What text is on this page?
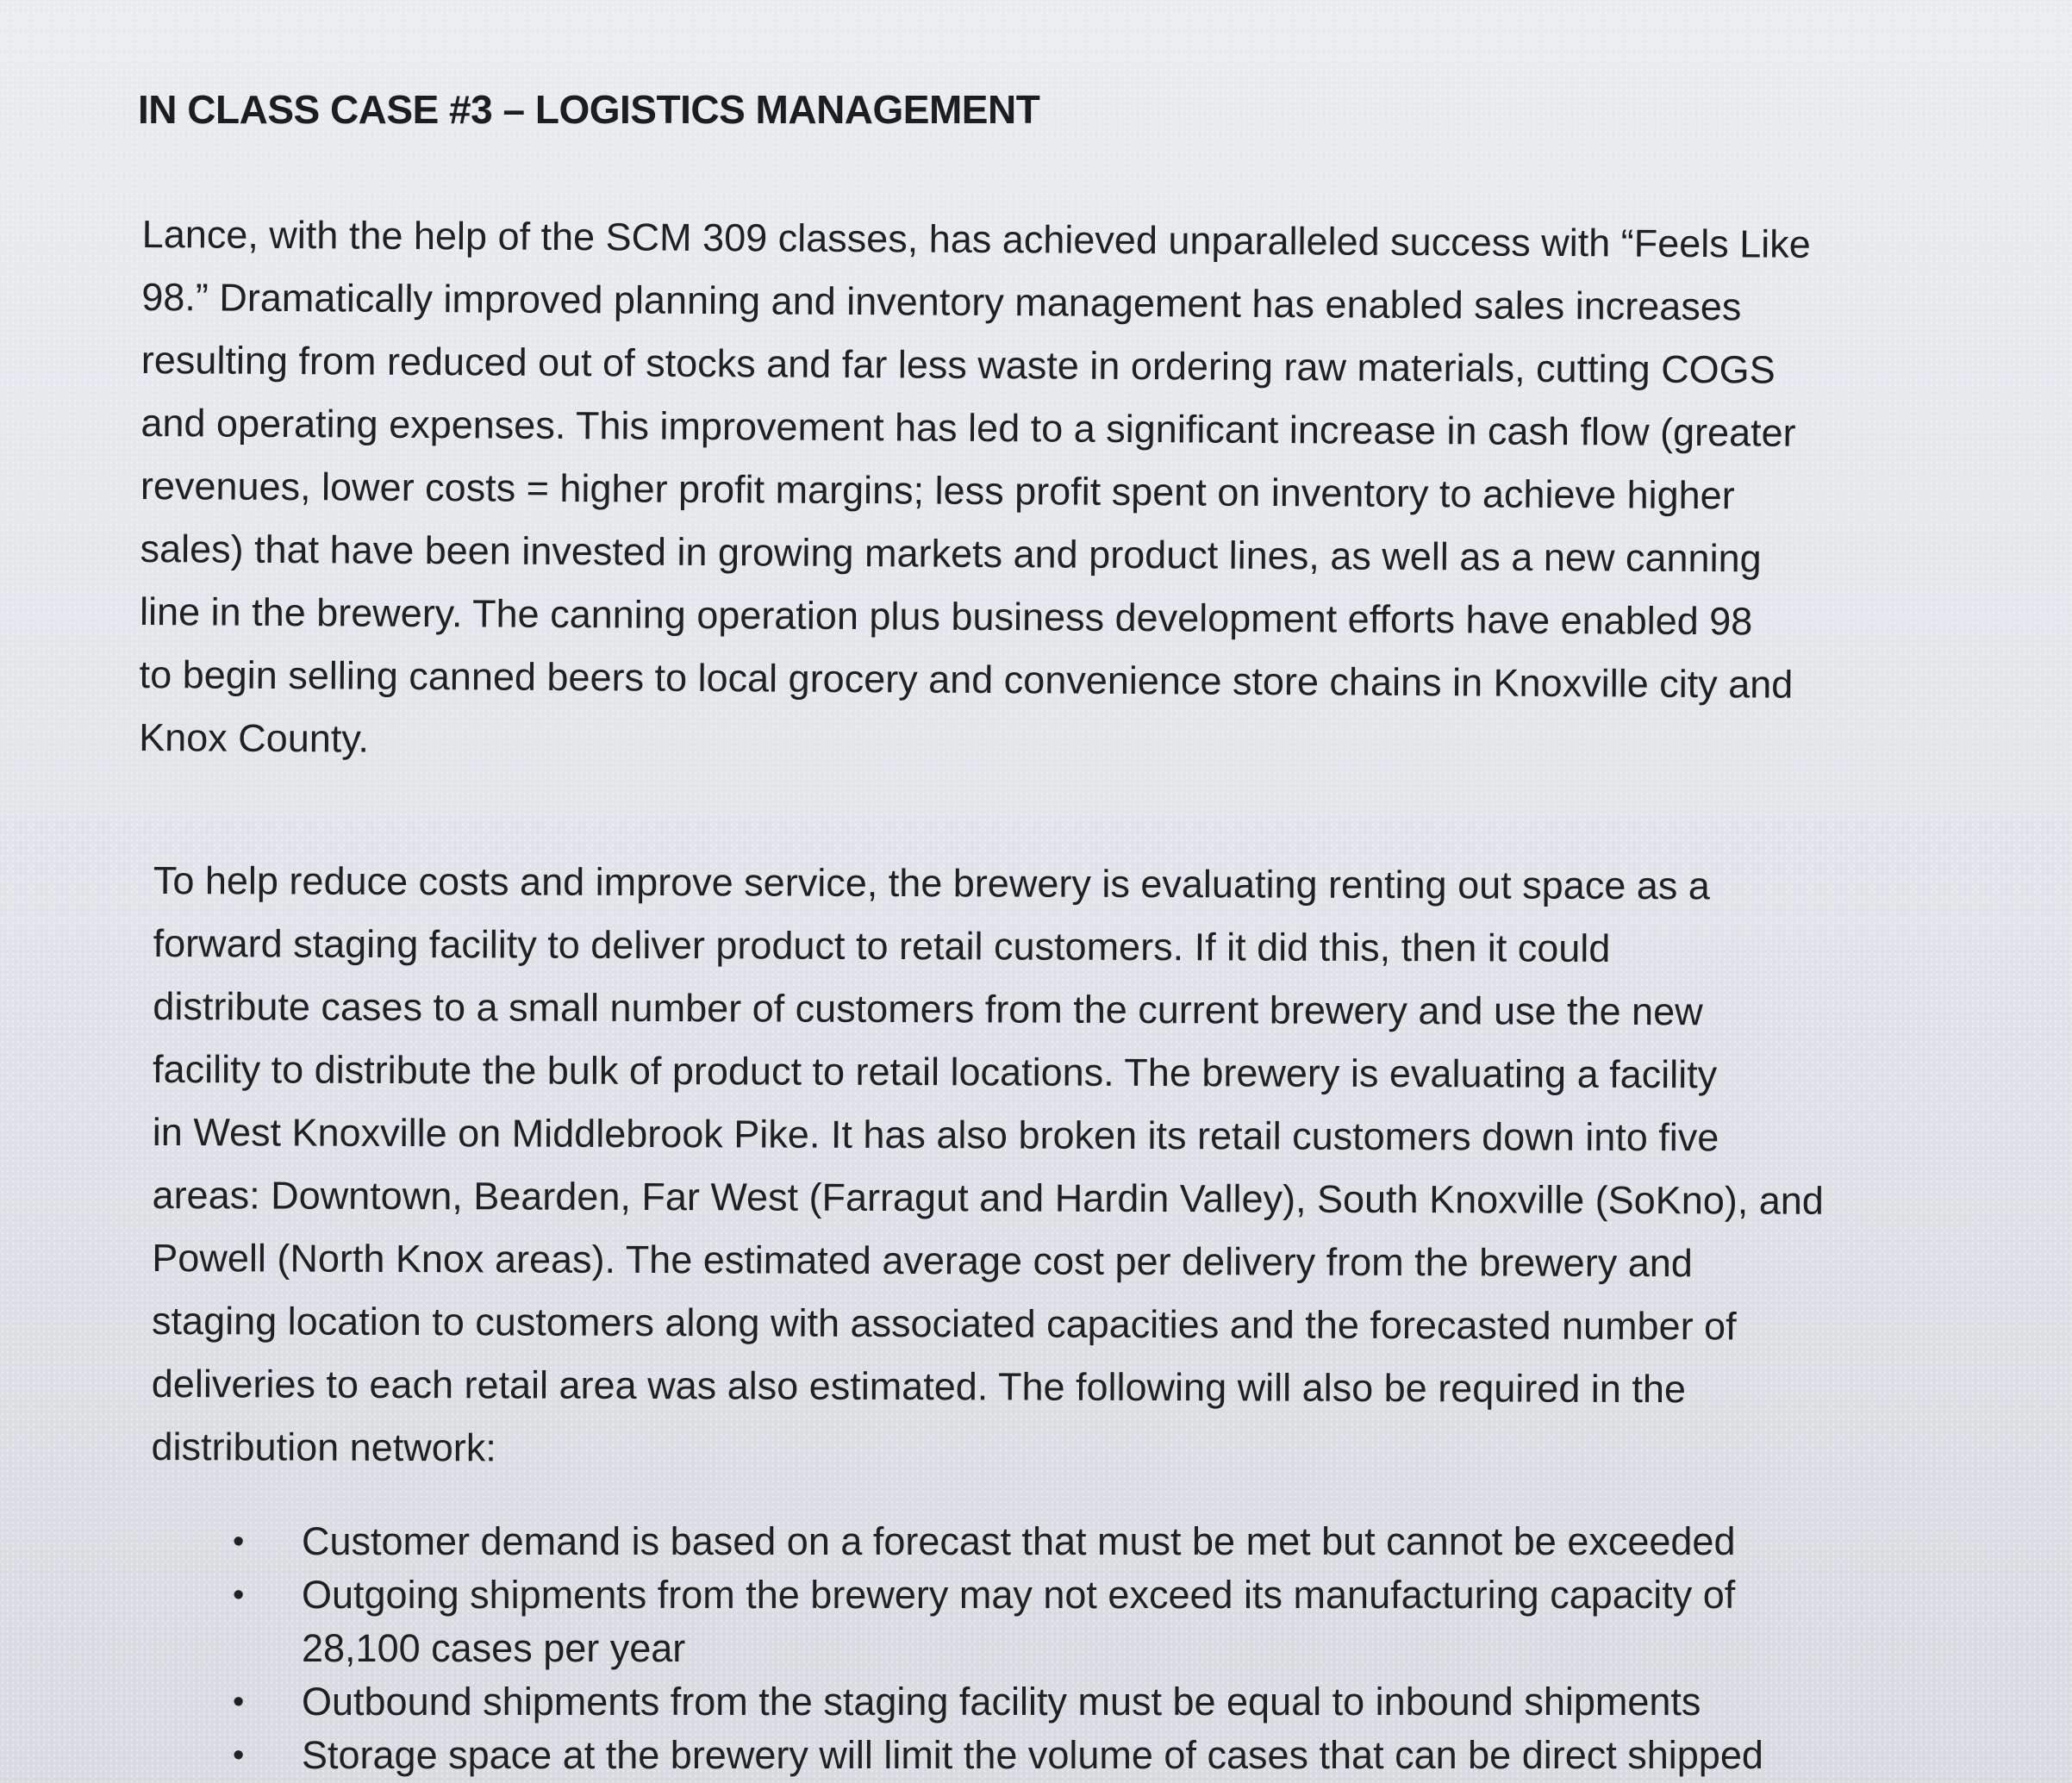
IN CLASS CASE #3 – LOGISTICS MANAGEMENT

Lance, with the help of the SCM 309 classes, has achieved unparalleled success with “Feels Like
98.” Dramatically improved planning and inventory management has enabled sales increases
resulting from reduced out of stocks and far less waste in ordering raw materials, cutting COGS
and operating expenses. This improvement has led to a significant increase in cash flow (greater
revenues, lower costs = higher profit margins; less profit spent on inventory to achieve higher
sales) that have been invested in growing markets and product lines, as well as a new canning
line in the brewery. The canning operation plus business development efforts have enabled 98
to begin selling canned beers to local grocery and convenience store chains in Knoxville city and
Knox County.

To help reduce costs and improve service, the brewery is evaluating renting out space as a
forward staging facility to deliver product to retail customers. If it did this, then it could
distribute cases to a small number of customers from the current brewery and use the new
facility to distribute the bulk of product to retail locations. The brewery is evaluating a facility
in West Knoxville on Middlebrook Pike. It has also broken its retail customers down into five
areas: Downtown, Bearden, Far West (Farragut and Hardin Valley), South Knoxville (SoKno), and
Powell (North Knox areas). The estimated average cost per delivery from the brewery and
staging location to customers along with associated capacities and the forecasted number of
deliveries to each retail area was also estimated. The following will also be required in the
distribution network:

• Customer demand is based on a forecast that must be met but cannot be exceeded
• Outgoing shipments from the brewery may not exceed its manufacturing capacity of
28,100 cases per year
• Outbound shipments from the staging facility must be equal to inbound shipments
• Storage space at the brewery will limit the volume of cases that can be direct shipped
